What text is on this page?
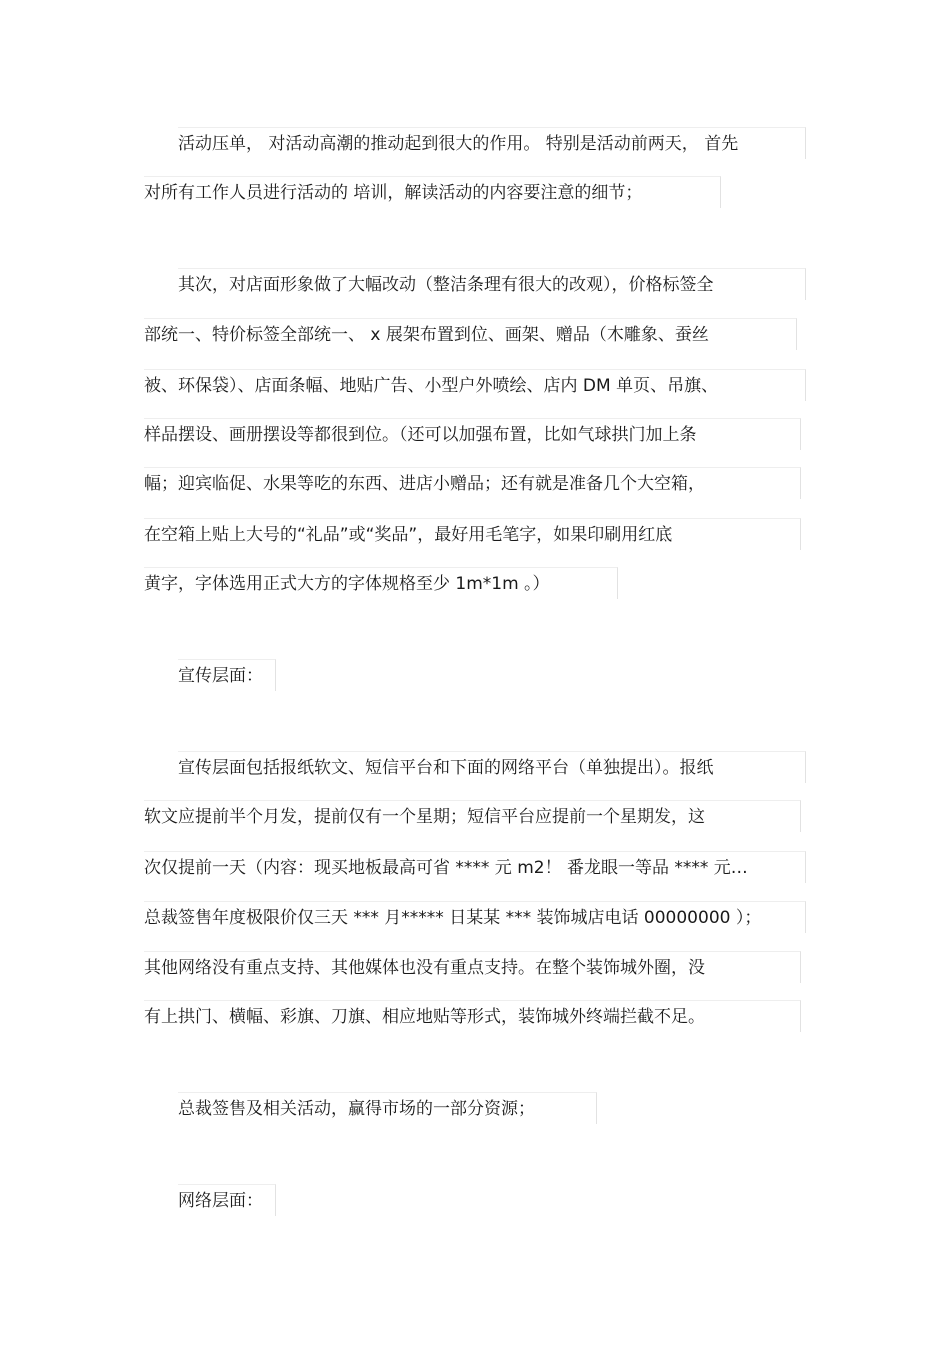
活动压单， 对活动高潮的推动起到很大的作用。 特别是活动前两天， 首先
对所有工作人员进行活动的 培训，解读活动的内容要注意的细节；
其次，对店面形象做了大幅改动（整洁条理有很大的改观），价格标签全
部统一、特价标签全部统一、 x 展架布置到位、画架、赠品（木雕象、蚕丝
被、环保袋）、店面条幅、地贴广告、小型户外喷绘、店内 DM 单页、吊旗、
样品摆设、画册摆设等都很到位。（还可以加强布置，比如气球拱门加上条
幅；迎宾临促、水果等吃的东西、进店小赠品；还有就是准备几个大空箱，
在空箱上贴上大号的“礼品”或“奖品”，最好用毛笔字，如果印刷用红底
黄字，字体选用正式大方的字体规格至少 1m*1m 。）
宣传层面：
宣传层面包括报纸软文、短信平台和下面的网络平台（单独提出）。报纸
软文应提前半个月发，提前仅有一个星期；短信平台应提前一个星期发，这
次仅提前一天（内容：现买地板最高可省 **** 元 m2！ 番龙眼一等品 **** 元…
总裁签售年度极限价仅三天 *** 月***** 日某某 *** 装饰城店电话 00000000 ）；
其他网络没有重点支持、其他媒体也没有重点支持。在整个装饰城外圈，没
有上拱门、横幅、彩旗、刀旗、相应地贴等形式，装饰城外终端拦截不足。
总裁签售及相关活动，赢得市场的一部分资源；
网络层面：
